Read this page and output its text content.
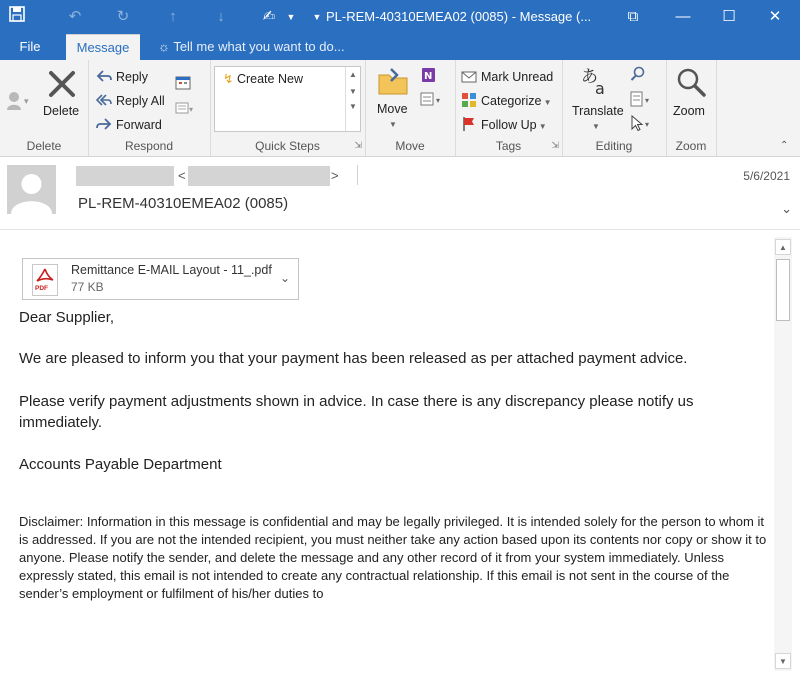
↶	↻	↑	↓	✍	▼	▼ PL-REM-40310EMEA02 (0085) - Message (...	⧉	—	☐	✕
File	Message	☼ Tell me what you want to do...
▾
Delete
Delete
Reply
Reply All
Forward
▾
Respond
↯ Create New	▲
▼
▼
Quick Steps	⇲
Move
▼
N
▾
Move
Mark Unread
Categorize ▼
Follow Up ▼
Tags	⇲
あ
a
Translate
▼
▾
▾
Editing
Zoom
Zoom	⌃
<	>
PL-REM-40310EMEA02 (0085)
5/6/2021
⌄
PDF
Remittance E-MAIL Layout - 11_.pdf
77 KB
⌄
Dear Supplier,
We are pleased to inform you that your payment has been released as per attached payment advice.
Please verify payment adjustments shown in advice. In case there is any discrepancy please notify us immediately.
Accounts Payable Department
Disclaimer: Information in this message is confidential and may be legally privileged. It is intended solely for the person to whom it is addressed. If you are not the intended recipient, you must neither take any action based upon its contents nor copy or show it to anyone. Please notify the sender, and delete the message and any other record of it from your system immediately. Unless expressly stated, this email is not intended to create any contractual relationship. If this email is not sent in the course of the sender’s employment or fulfilment of his/her duties to
▲
▼
